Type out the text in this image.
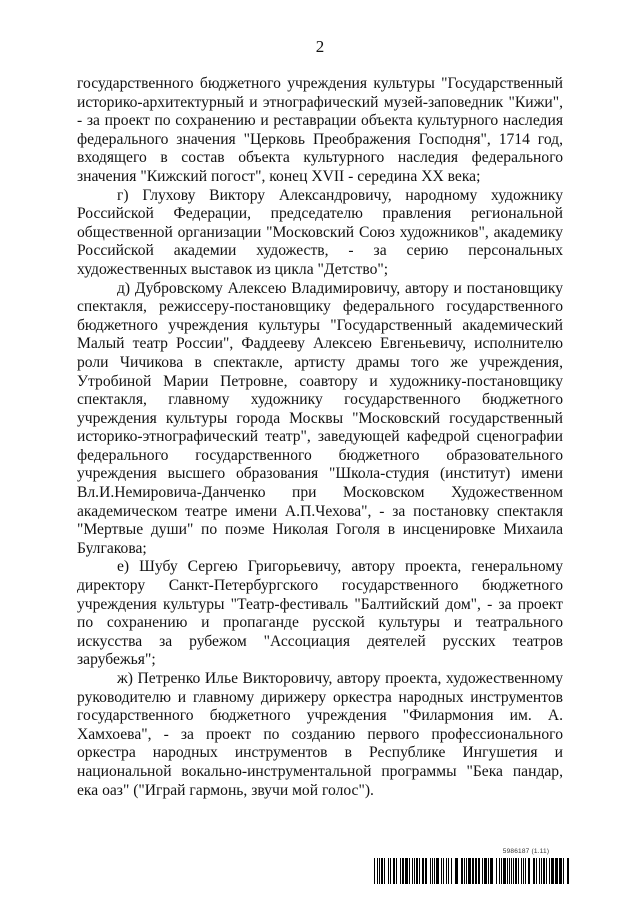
2

государственного бюджетного учреждения культуры "Государственный историко-архитектурный и этнографический музей-заповедник "Кижи", - за проект по сохранению и реставрации объекта культурного наследия федерального значения "Церковь Преображения Господня", 1714 год, входящего в состав объекта культурного наследия федерального значения "Кижский погост", конец XVII - середина XX века;

г) Глухову Виктору Александровичу, народному художнику Российской Федерации, председателю правления региональной общественной организации "Московский Союз художников", академику Российской академии художеств, - за серию персональных художественных выставок из цикла "Детство";

д) Дубровскому Алексею Владимировичу, автору и постановщику спектакля, режиссеру-постановщику федерального государственного бюджетного учреждения культуры "Государственный академический Малый театр России", Фаддееву Алексею Евгеньевичу, исполнителю роли Чичикова в спектакле, артисту драмы того же учреждения, Утробиной Марии Петровне, соавтору и художнику-постановщику спектакля, главному художнику государственного бюджетного учреждения культуры города Москвы "Московский государственный историко-этнографический театр", заведующей кафедрой сценографии федерального государственного бюджетного образовательного учреждения высшего образования "Школа-студия (институт) имени Вл.И.Немировича-Данченко при Московском Художественном академическом театре имени А.П.Чехова", - за постановку спектакля "Мертвые души" по поэме Николая Гоголя в инсценировке Михаила Булгакова;

е) Шубу Сергею Григорьевичу, автору проекта, генеральному директору Санкт-Петербургского государственного бюджетного учреждения культуры "Театр-фестиваль "Балтийский дом", - за проект по сохранению и пропаганде русской культуры и театрального искусства за рубежом "Ассоциация деятелей русских театров зарубежья";

ж) Петренко Илье Викторовичу, автору проекта, художественному руководителю и главному дирижеру оркестра народных инструментов государственного бюджетного учреждения "Филармония им. А. Хамхоева", - за проект по созданию первого профессионального оркестра народных инструментов в Республике Ингушетия и национальной вокально-инструментальной программы "Бека пандар, ека оаз" ("Играй гармонь, звучи мой голос").

5986187 (1.11)
